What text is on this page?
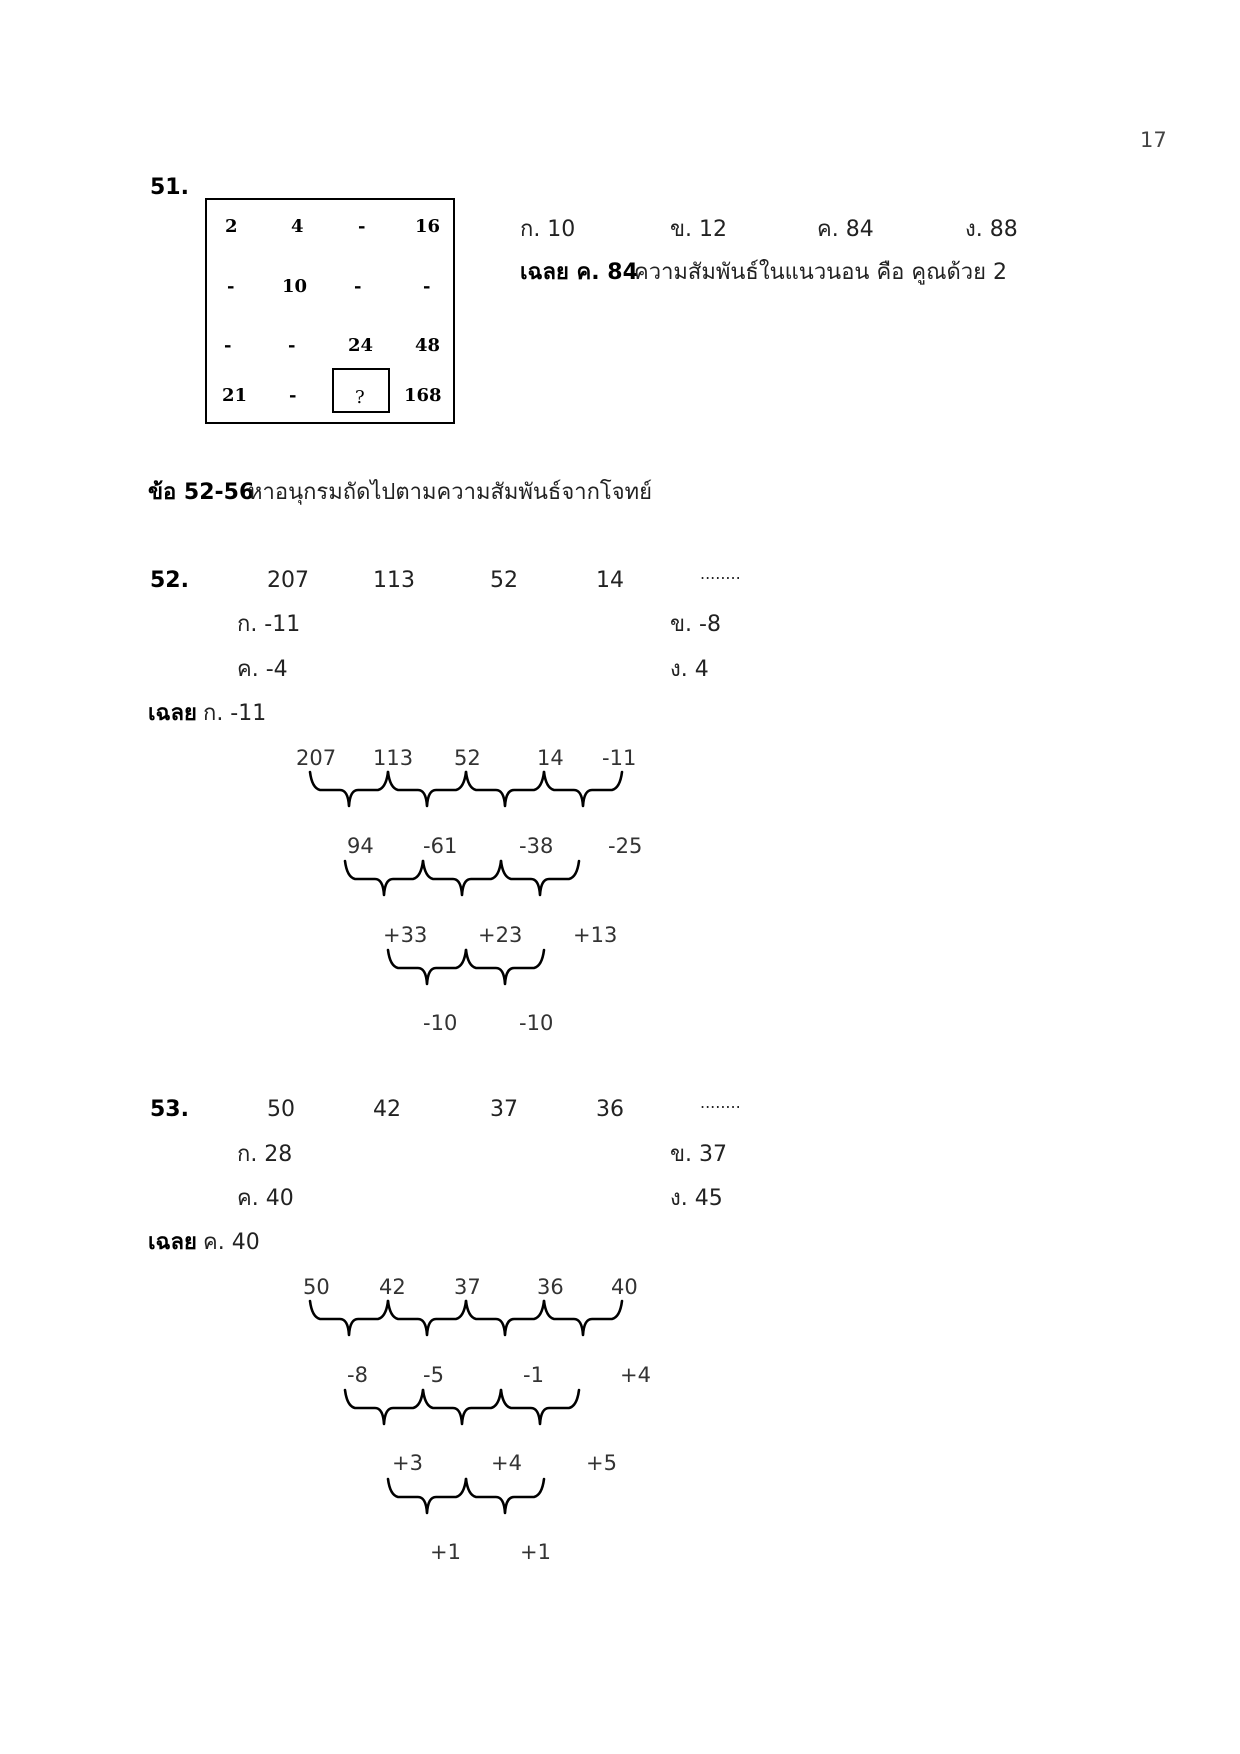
17
51.
2	4	-	16
-	10	-	-
-	-	24 48
21 -	? 168
ก. 10	ข. 12	ค. 84	ง. 88
เฉลย ค. 84
ความสัมพันธ์ในแนวนอน คือ คูณด้วย 2
ข้อ 52-56
หาอนุกรมถัดไปตามความสัมพันธ์จากโจทย์
52.	207	113	52	14	........
ก. -11	ข. -8
ค. -4	ง. 4
เฉลย ก. -11
207 113 52	14 -11
94 -61	-38	-25
+33 +23 +13
-10	-10
53.	50	42	37	36	........
ก. 28	ข. 37
ค. 40	ง. 45
เฉลย ค. 40
50 42 37	36 40
-8	-5	-1	+4
+3	+4	+5
+1	+1
